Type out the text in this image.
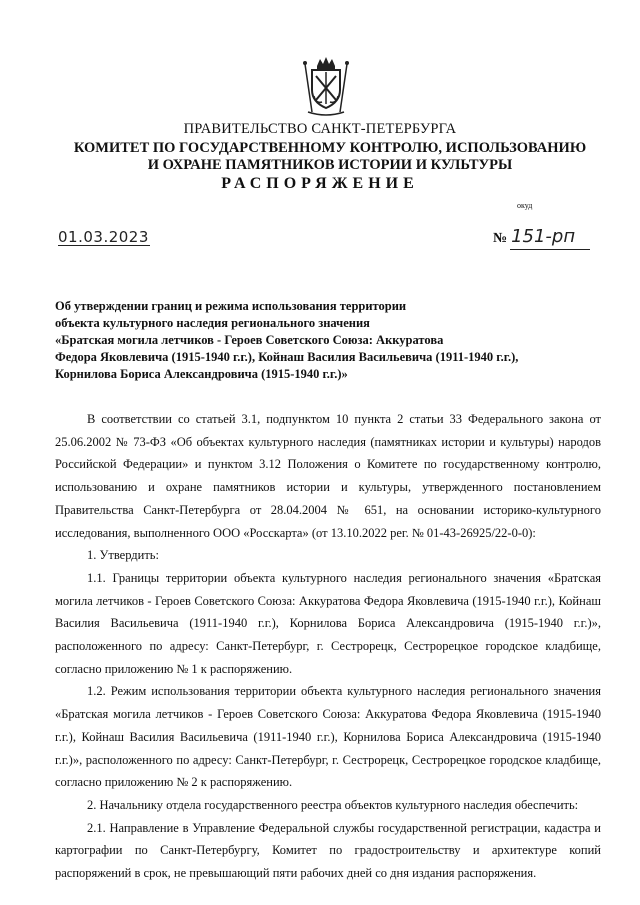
ПРАВИТЕЛЬСТВО САНКТ-ПЕТЕРБУРГА
КОМИТЕТ ПО ГОСУДАРСТВЕННОМУ КОНТРОЛЮ, ИСПОЛЬЗОВАНИЮ
И ОХРАНЕ ПАМЯТНИКОВ ИСТОРИИ И КУЛЬТУРЫ
РАСПОРЯЖЕНИЕ
окуд
01.03.2023	№ 151-рп
Об утверждении границ и режима использования территории
объекта культурного наследия регионального значения
«Братская могила летчиков - Героев Советского Союза: Аккуратова
Федора Яковлевича (1915-1940 г.г.), Койнаш Василия Васильевича (1911-1940 г.г.),
Корнилова Бориса Александровича (1915-1940 г.г.)»

В соответствии со статьей 3.1, подпунктом 10 пункта 2 статьи 33 Федерального закона от 25.06.2002 № 73-ФЗ «Об объектах культурного наследия (памятниках истории и культуры) народов Российской Федерации» и пунктом 3.12 Положения о Комитете по государственному контролю, использованию и охране памятников истории и культуры, утвержденного постановлением Правительства Санкт-Петербурга от 28.04.2004 № 651, на основании историко-культурного исследования, выполненного ООО «Росскарта» (от 13.10.2022 рег. № 01-43-26925/22-0-0):

1. Утвердить:

1.1. Границы территории объекта культурного наследия регионального значения «Братская могила летчиков - Героев Советского Союза: Аккуратова Федора Яковлевича (1915-1940 г.г.), Койнаш Василия Васильевича (1911-1940 г.г.), Корнилова Бориса Александровича (1915-1940 г.г.)», расположенного по адресу: Санкт-Петербург, г. Сестрорецк, Сестрорецкое городское кладбище, согласно приложению № 1 к распоряжению.

1.2. Режим использования территории объекта культурного наследия регионального значения «Братская могила летчиков - Героев Советского Союза: Аккуратова Федора Яковлевича (1915-1940 г.г.), Койнаш Василия Васильевича (1911-1940 г.г.), Корнилова Бориса Александровича (1915-1940 г.г.)», расположенного по адресу: Санкт-Петербург, г. Сестрорецк, Сестрорецкое городское кладбище, согласно приложению № 2 к распоряжению.

2. Начальнику отдела государственного реестра объектов культурного наследия обеспечить:

2.1. Направление в Управление Федеральной службы государственной регистрации, кадастра и картографии по Санкт-Петербургу, Комитет по градостроительству и архитектуре копий распоряжений в срок, не превышающий пяти рабочих дней со дня издания распоряжения.
